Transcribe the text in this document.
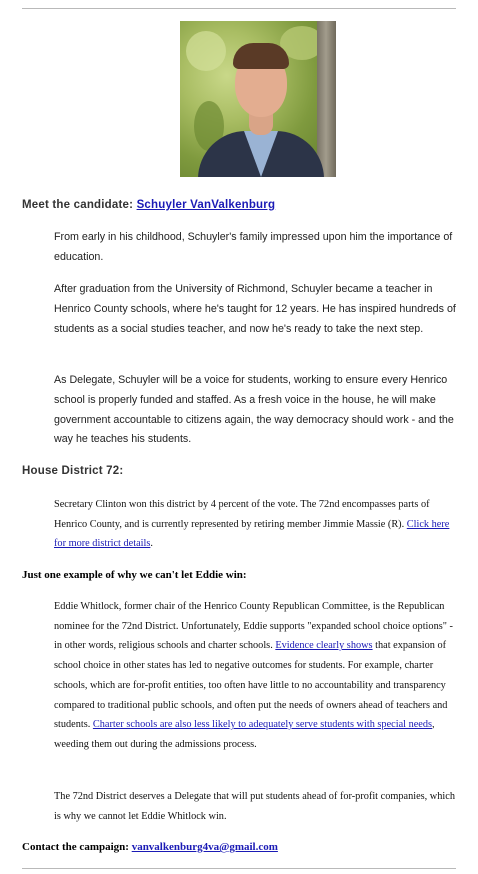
Meet the candidate: Schuyler VanValkenburg

From early in his childhood, Schuyler's family impressed upon him the importance of education.

After graduation from the University of Richmond, Schuyler became a teacher in Henrico County schools, where he's taught for 12 years. He has inspired hundreds of students as a social studies teacher, and now he's ready to take the next step.

As Delegate, Schuyler will be a voice for students, working to ensure every Henrico school is properly funded and staffed. As a fresh voice in the house, he will make government accountable to citizens again, the way democracy should work - and the way he teaches his students.

House District 72:

Secretary Clinton won this district by 4 percent of the vote. The 72nd encompasses parts of Henrico County, and is currently represented by retiring member Jimmie Massie (R). Click here for more district details.

Just one example of why we can't let Eddie win:

Eddie Whitlock, former chair of the Henrico County Republican Committee, is the Republican nominee for the 72nd District. Unfortunately, Eddie supports "expanded school choice options" - in other words, religious schools and charter schools. Evidence clearly shows that expansion of school choice in other states has led to negative outcomes for students. For example, charter schools, which are for-profit entities, too often have little to no accountability and transparency compared to traditional public schools, and often put the needs of owners ahead of teachers and students. Charter schools are also less likely to adequately serve students with special needs, weeding them out during the admissions process.

The 72nd District deserves a Delegate that will put students ahead of for-profit companies, which is why we cannot let Eddie Whitlock win.

Contact the campaign: vanvalkenburg4va@gmail.com
